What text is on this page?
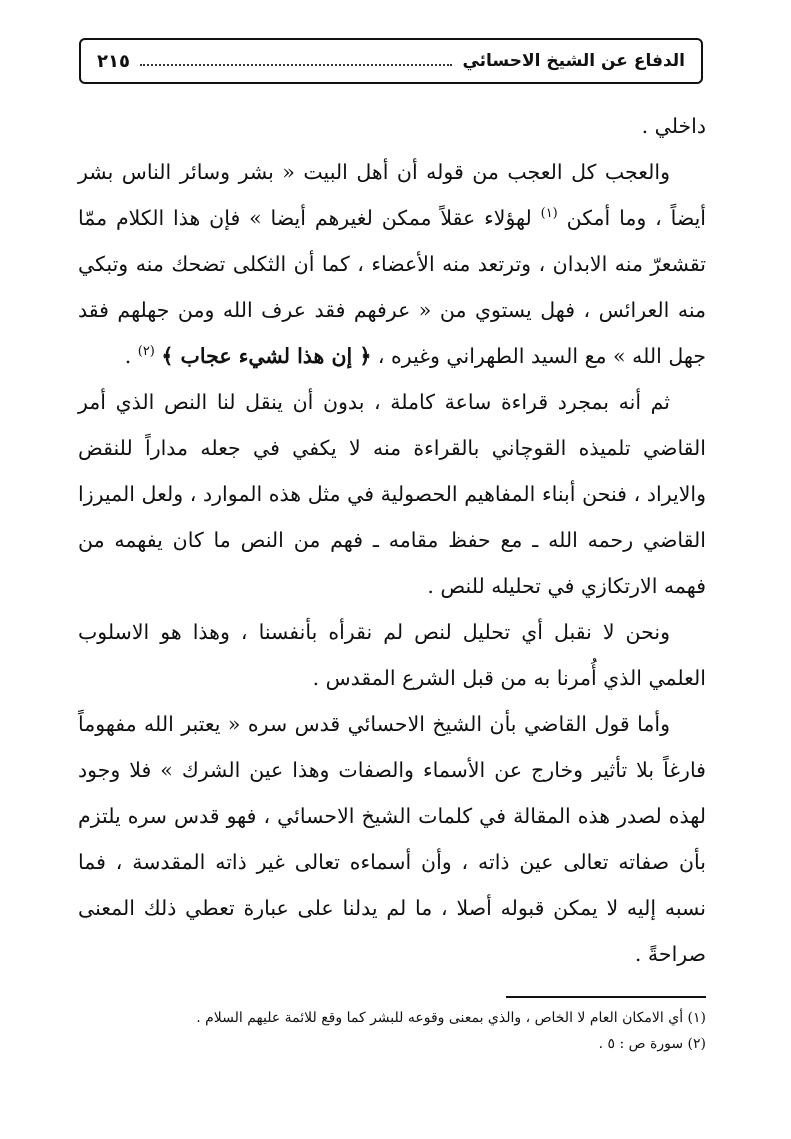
الدفاع عن الشيخ الاحسائي
٢١٥

داخلي .

والعجب كل العجب من قوله أن أهل البيت « بشر وسائر الناس بشر أيضاً ، وما أمكن $^{(١)}$ لهؤلاء عقلاً ممكن لغيرهم أيضا » فإن هذا الكلام ممّا تقشعرّ منه الابدان ، وترتعد منه الأعضاء ، كما أن الثكلى تضحك منه وتبكي منه العرائس ، فهل يستوي من « عرفهم فقد عرف الله ومن جهلهم فقد جهل الله » مع السيد الطهراني وغيره ، ﴿ إن هذا لشيء عجاب ﴾ $^{(٢)}$ .

ثم أنه بمجرد قراءة ساعة كاملة ، بدون أن ينقل لنا النص الذي أمر القاضي تلميذه القوچاني بالقراءة منه لا يكفي في جعله مداراً للنقض والايراد ، فنحن أبناء المفاهيم الحصولية في مثل هذه الموارد ، ولعل الميرزا القاضي رحمه الله ـ مع حفظ مقامه ـ فهم من النص ما كان يفهمه من فهمه الارتكازي في تحليله للنص .

ونحن لا نقبل أي تحليل لنص لم نقرأه بأنفسنا ، وهذا هو الاسلوب العلمي الذي أُمرنا به من قبل الشرع المقدس .

وأما قول القاضي بأن الشيخ الاحسائي قدس سره « يعتبر الله مفهوماً فارغاً بلا تأثير وخارج عن الأسماء والصفات وهذا عين الشرك » فلا وجود لهذه لصدر هذه المقالة في كلمات الشيخ الاحسائي ، فهو قدس سره يلتزم بأن صفاته تعالى عين ذاته ، وأن أسماءه تعالى غير ذاته المقدسة ، فما نسبه إليه لا يمكن قبوله أصلا ، ما لم يدلنا على عبارة تعطي ذلك المعنى صراحةً .

(١) أي الامكان العام لا الخاص ، والذي بمعنى وقوعه للبشر كما وقع للائمة عليهم السلام .

(٢) سورة ص : ٥ .
